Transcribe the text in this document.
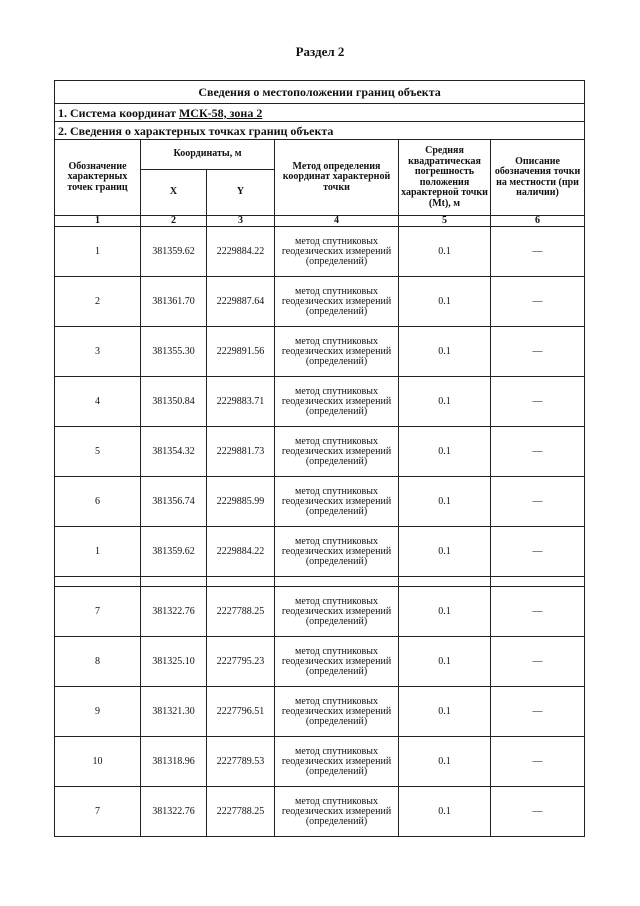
Раздел 2
Сведения о местоположении границ объекта					
1. Система координат МСК-58, зона 2					
2. Сведения о характерных точках границ объекта					
Обозначение характерных точек границ	Координаты, м		Метод определения координат характерной точки	Средняя квадратическая погрешность положения характерной точки (Mt), м	Описание обозначения точки на местности (при наличии)
	X	Y			
1	2	3	4	5	6
1	381359.62	2229884.22	метод спутниковых геодезических измерений (определений)	0.1	—
2	381361.70	2229887.64	метод спутниковых геодезических измерений (определений)	0.1	—
3	381355.30	2229891.56	метод спутниковых геодезических измерений (определений)	0.1	—
4	381350.84	2229883.71	метод спутниковых геодезических измерений (определений)	0.1	—
5	381354.32	2229881.73	метод спутниковых геодезических измерений (определений)	0.1	—
6	381356.74	2229885.99	метод спутниковых геодезических измерений (определений)	0.1	—
1	381359.62	2229884.22	метод спутниковых геодезических измерений (определений)	0.1	—

7	381322.76	2227788.25	метод спутниковых геодезических измерений (определений)	0.1	—
8	381325.10	2227795.23	метод спутниковых геодезических измерений (определений)	0.1	—
9	381321.30	2227796.51	метод спутниковых геодезических измерений (определений)	0.1	—
10	381318.96	2227789.53	метод спутниковых геодезических измерений (определений)	0.1	—
7	381322.76	2227788.25	метод спутниковых геодезических измерений (определений)	0.1	—
